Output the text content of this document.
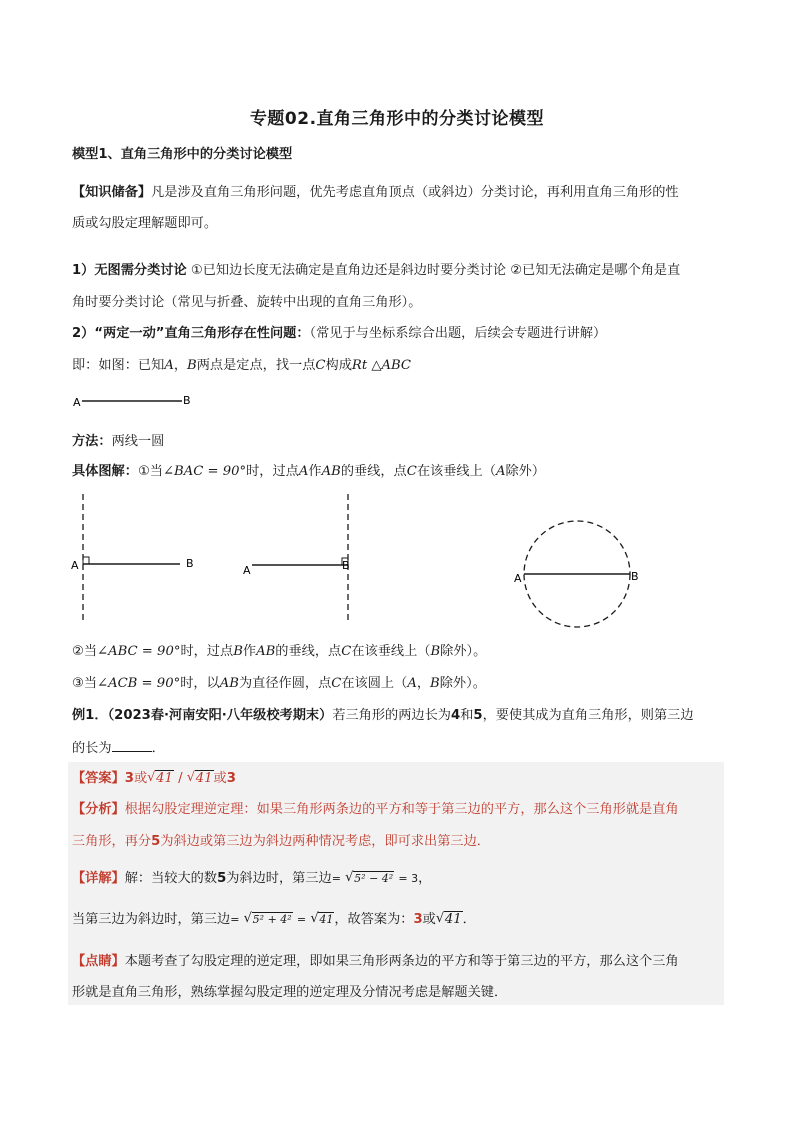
专题02.直角三角形中的分类讨论模型
模型1、直角三角形中的分类讨论模型
【知识储备】凡是涉及直角三角形问题，优先考虑直角顶点（或斜边）分类讨论，再利用直角三角形的性
质或勾股定理解题即可。
1）无图需分类讨论 ①已知边长度无法确定是直角边还是斜边时要分类讨论 ②已知无法确定是哪个角是直
角时要分类讨论（常见与折叠、旋转中出现的直角三角形）。
2）“两定一动”直角三角形存在性问题：（常见于与坐标系综合出题，后续会专题进行讲解）
即：如图：已知A，B两点是定点，找一点C构成Rt △ABC
A	B
方法：两线一圆
具体图解：①当∠BAC = 90°时，过点A作AB的垂线，点C在该垂线上（A除外）
A	B
A	B
A	B
②当∠ABC = 90°时，过点B作AB的垂线，点C在该垂线上（B除外）。
③当∠ACB = 90°时，以AB为直径作圆，点C在该圆上（A，B除外）。
例1．（2023春·河南安阳·八年级校考期末）若三角形的两边长为4和5，要使其成为直角三角形，则第三边
的长为	．
【答案】3或 √ 41 / √ 41或3
【分析】根据勾股定理逆定理：如果三角形两条边的平方和等于第三边的平方，那么这个三角形就是直角
三角形，再分5为斜边或第三边为斜边两种情况考虑，即可求出第三边．
【详解】解：当较大的数5为斜边时，第三边= √ 5² − 4² = 3，
当第三边为斜边时，第三边= √ 5² + 4² = √ 41，故答案为：3或 √ 41．
【点睛】本题考查了勾股定理的逆定理，即如果三角形两条边的平方和等于第三边的平方，那么这个三角
形就是直角三角形，熟练掌握勾股定理的逆定理及分情况考虑是解题关键．
